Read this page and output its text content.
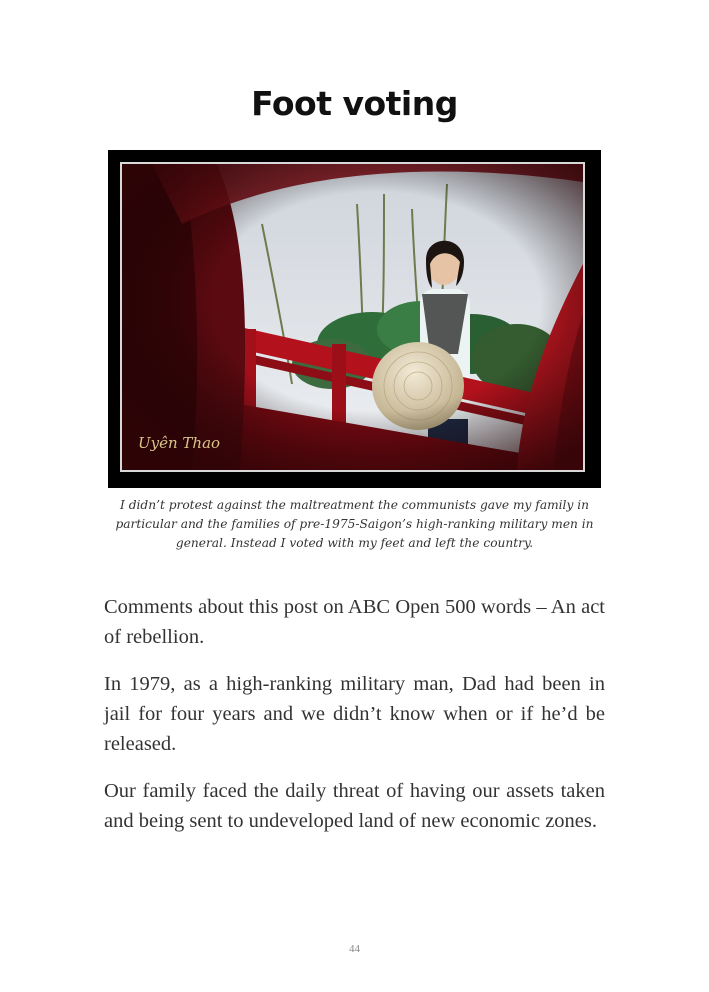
Foot voting
Uyên Thao

I didn’t protest against the maltreatment the communists gave my family in particular and the families of pre-1975-Saigon’s high-ranking military men in general. Instead I voted with my feet and left the country.

Comments about this post on ABC Open 500 words – An act of rebellion.

In 1979, as a high-ranking military man, Dad had been in jail for four years and we didn’t know when or if he’d be released.

Our family faced the daily threat of having our assets taken and being sent to undeveloped land of new economic zones.

44
